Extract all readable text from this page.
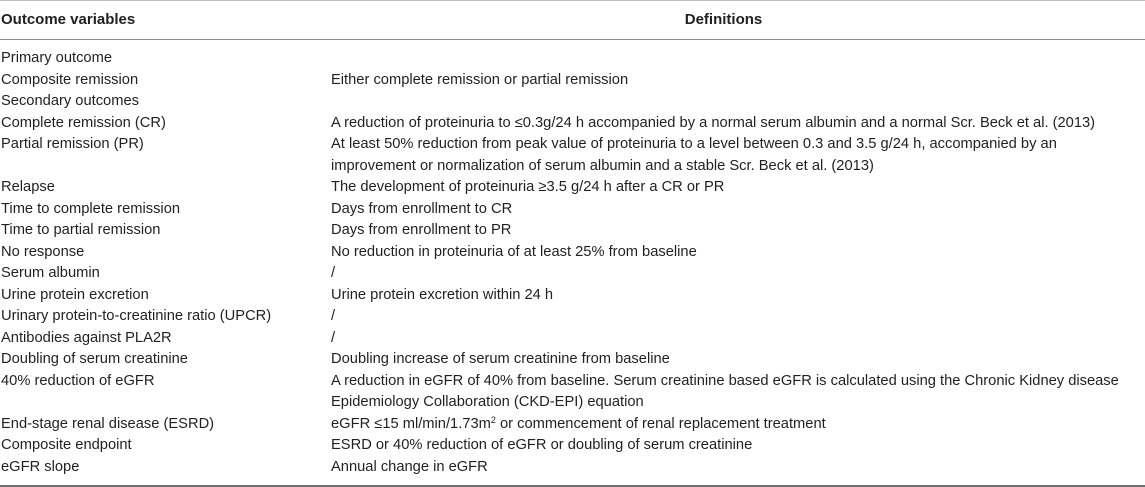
Outcome variables	Definitions
Primary outcome

Composite remission	Either complete remission or partial remission
Secondary outcomes

Complete remission (CR)	A reduction of proteinuria to ≤0.3g/24 h accompanied by a normal serum albumin and a normal Scr. Beck et al. (2013)
Partial remission (PR)	At least 50% reduction from peak value of proteinuria to a level between 0.3 and 3.5 g/24 h, accompanied by an
improvement or normalization of serum albumin and a stable Scr. Beck et al. (2013)
Relapse	The development of proteinuria ≥3.5 g/24 h after a CR or PR
Time to complete remission	Days from enrollment to CR
Time to partial remission	Days from enrollment to PR
No response	No reduction in proteinuria of at least 25% from baseline
Serum albumin	/
Urine protein excretion	Urine protein excretion within 24 h
Urinary protein-to-creatinine ratio (UPCR)	/
Antibodies against PLA2R	/
Doubling of serum creatinine	Doubling increase of serum creatinine from baseline
40% reduction of eGFR	A reduction in eGFR of 40% from baseline. Serum creatinine based eGFR is calculated using the Chronic Kidney disease
Epidemiology Collaboration (CKD-EPI) equation
End-stage renal disease (ESRD)	eGFR ≤15 $ml/\min/1.73m^2$ or commencement of renal replacement treatment
Composite endpoint	ESRD or 40% reduction of eGFR or doubling of serum creatinine
eGFR slope	Annual change in eGFR
